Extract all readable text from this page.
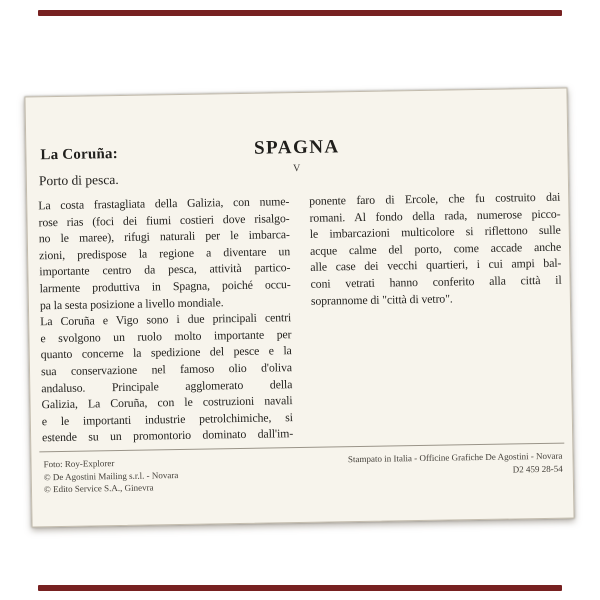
La Coruña:
Porto di pesca.
SPAGNA
V
La costa frastagliata della Galizia, con nume-
rose rias (foci dei fiumi costieri dove risalgo-
no le maree), rifugi naturali per le imbarca-
zioni, predispose la regione a diventare un
importante centro da pesca, attività partico-
larmente produttiva in Spagna, poiché occu-
pa la sesta posizione a livello mondiale.
La Coruña e Vigo sono i due principali centri
e svolgono un ruolo molto importante per
quanto concerne la spedizione del pesce e la
sua conservazione nel famoso olio d'oliva
andaluso. Principale agglomerato della
Galizia, La Coruña, con le costruzioni navali
e le importanti industrie petrolchimiche, si
estende su un promontorio dominato dall'im-
ponente faro di Ercole, che fu costruito dai
romani. Al fondo della rada, numerose picco-
le imbarcazioni multicolore si riflettono sulle
acque calme del porto, come accade anche
alle case dei vecchi quartieri, i cui ampi bal-
coni vetrati hanno conferito alla città il
soprannome di "città di vetro".
Foto: Roy-Explorer
© De Agostini Mailing s.r.l. - Novara
© Edito Service S.A., Ginevra
Stampato in Italia - Officine Grafiche De Agostini - Novara
D2 459 28-54
